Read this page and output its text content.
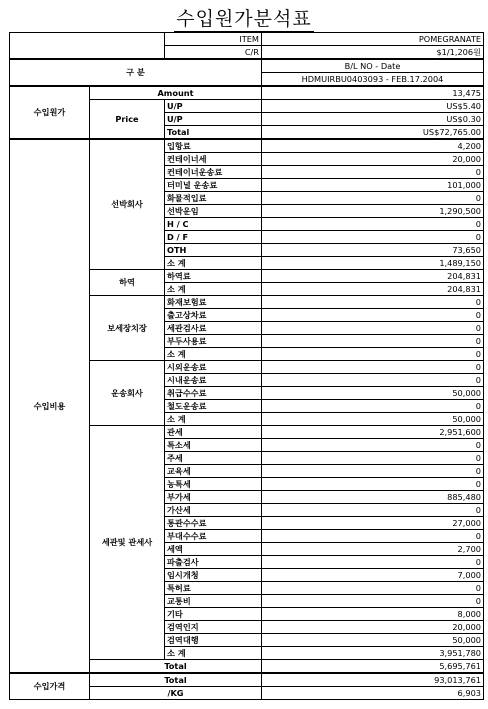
수입원가분석표
		ITEM	POMEGRANATE
		C/R	$1/1,206원
구 분			B/L NO - Date
			HDMUIRBU0403093 - FEB.17.2004
수입원가	Amount		13,475
	Price	U/P	US$5.40
		U/P	US$0.30
		Total	US$72,765.00
수입비용	선박회사	입항료	4,200
		컨테이너세	20,000
		컨테이너운송료	0
		터미널 운송료	101,000
		화물적입료	0
		선박운임	1,290,500
		H / C	0
		D / F	0
		OTH	73,650
		소 계	1,489,150
	하역	하역료	204,831
		소 계	204,831
	보세장치장	화재보험료	0
		출고상차료	0
		세관검사료	0
		부두사용료	0
		소 계	0
	운송회사	시외운송료	0
		시내운송료	0
		취급수수료	50,000
		철도운송료	0
		소 계	50,000
	세관및 관세사	관세	2,951,600
		특소세	0
		주세	0
		교육세	0
		농특세	0
		부가세	885,480
		가산세	0
		통관수수료	27,000
		부대수수료	0
		세액	2,700
		파출검사	0
		임시개청	7,000
		특허료	0
		교통비	0
		기타	8,000
		검역인지	20,000
		검역대행	50,000
		소 계	3,951,780
	Total		5,695,761
수입가격	Total		93,013,761
	/KG		6,903
